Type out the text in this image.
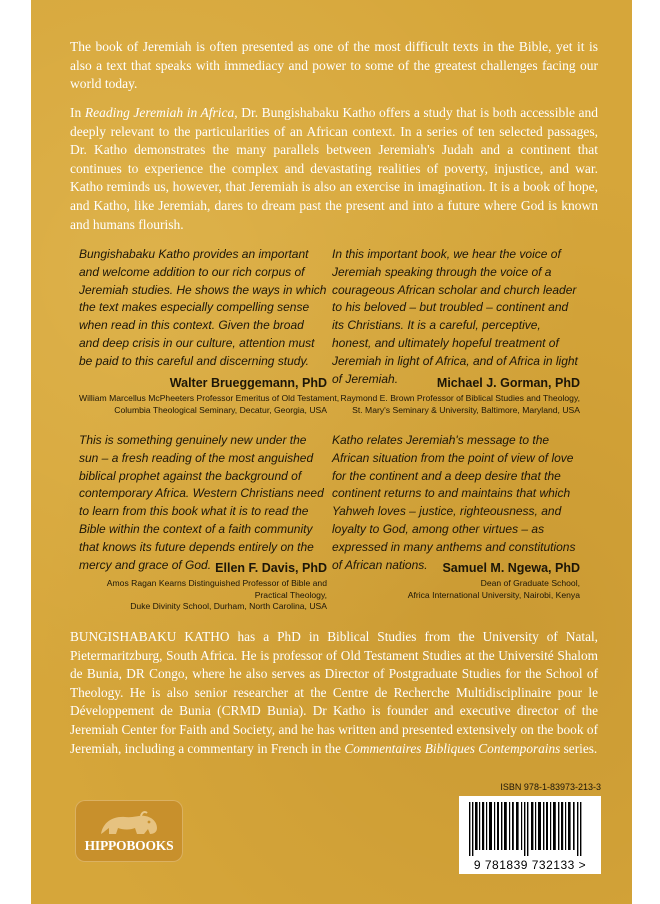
The book of Jeremiah is often presented as one of the most difficult texts in the Bible, yet it is also a text that speaks with immediacy and power to some of the greatest challenges facing our world today.

In Reading Jeremiah in Africa, Dr. Bungishabaku Katho offers a study that is both accessible and deeply relevant to the particularities of an African context. In a series of ten selected passages, Dr. Katho demonstrates the many parallels between Jeremiah's Judah and a continent that continues to experience the complex and devastating realities of poverty, injustice, and war. Katho reminds us, however, that Jeremiah is also an exercise in imagination. It is a book of hope, and Katho, like Jeremiah, dares to dream past the present and into a future where God is known and humans flourish.

Bungishabaku Katho provides an important and welcome addition to our rich corpus of Jeremiah studies. He shows the ways in which the text makes especially compelling sense when read in this context. Given the broad and deep crisis in our culture, attention must be paid to this careful and discerning study.

Walter Brueggemann, PhD

William Marcellus McPheeters Professor Emeritus of Old Testament,
Columbia Theological Seminary, Decatur, Georgia, USA

In this important book, we hear the voice of Jeremiah speaking through the voice of a courageous African scholar and church leader to his beloved – but troubled – continent and its Christians. It is a careful, perceptive, honest, and ultimately hopeful treatment of Jeremiah in light of Africa, and of Africa in light of Jeremiah.	Michael J. Gorman, PhD

Raymond E. Brown Professor of Biblical Studies and Theology,
St. Mary's Seminary & University, Baltimore, Maryland, USA

This is something genuinely new under the sun – a fresh reading of the most anguished biblical prophet against the background of contemporary Africa. Western Christians need to learn from this book what it is to read the Bible within the context of a faith community that knows its future depends entirely on the mercy and grace of God. Ellen F. Davis, PhD

Amos Ragan Kearns Distinguished Professor of Bible and
Practical Theology,
Duke Divinity School, Durham, North Carolina, USA

Katho relates Jeremiah's message to the African situation from the point of view of love for the continent and a deep desire that the continent returns to and maintains that which Yahweh loves – justice, righteousness, and loyalty to God, among other virtues – as expressed in many anthems and constitutions of African nations.	Samuel M. Ngewa, PhD

Dean of Graduate School,
Africa International University, Nairobi, Kenya

BUNGISHABAKU KATHO has a PhD in Biblical Studies from the University of Natal, Pietermaritzburg, South Africa. He is professor of Old Testament Studies at the Université Shalom de Bunia, DR Congo, where he also serves as Director of Postgraduate Studies for the School of Theology. He is also senior researcher at the Centre de Recherche Multidisciplinaire pour le Développement de Bunia (CRMD Bunia). Dr Katho is founder and executive director of the Jeremiah Center for Faith and Society, and he has written and presented extensively on the book of Jeremiah, including a commentary in French in the Commentaires Bibliques Contemporains series.

HIPPOBOOKS

ISBN 978-1-83973-213-3

9 781839 732133 >
